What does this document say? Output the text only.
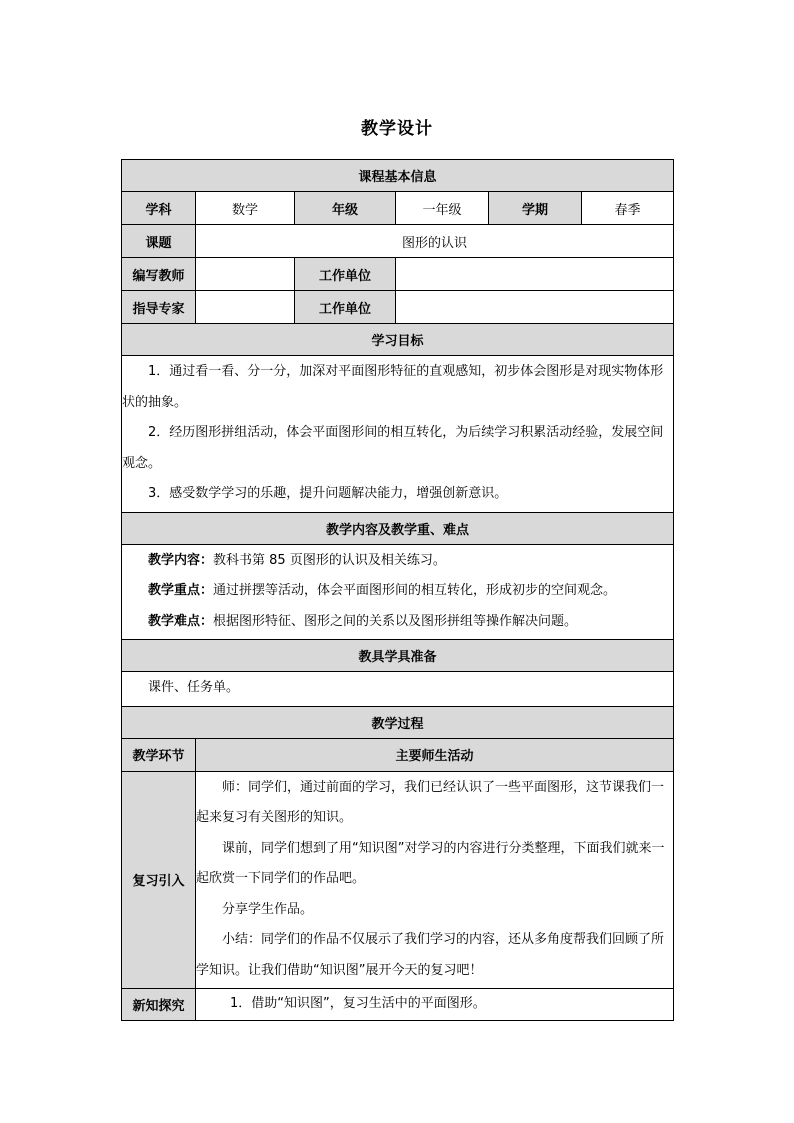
教学设计
课程基本信息					
学科	数学	年级	一年级	学期	春季
课题	图形的认识				
编写教师		工作单位			
指导专家		工作单位			
学习目标					

1．通过看一看、分一分，加深对平面图形特征的直观感知，初步体会图形是对现实物体形状的抽象。

2．经历图形拼组活动，体会平面图形间的相互转化，为后续学习积累活动经验，发展空间观念。

3．感受数学学习的乐趣，提升问题解决能力，增强创新意识。					

教学内容及教学重、难点					

教学内容：教科书第 85 页图形的认识及相关练习。

教学重点：通过拼摆等活动，体会平面图形间的相互转化，形成初步的空间观念。

教学难点：根据图形特征、图形之间的关系以及图形拼组等操作解决问题。					

教具学具准备					

课件、任务单。					

教学过程					
教学环节	主要师生活动				
复习引入	师：同学们，通过前面的学习，我们已经认识了一些平面图形，这节课我们一起来复习有关图形的知识。

课前，同学们想到了用“知识图”对学习的内容进行分类整理，下面我们就来一起欣赏一下同学们的作品吧。

分享学生作品。

小结：同学们的作品不仅展示了我们学习的内容，还从多角度帮我们回顾了所学知识。让我们借助“知识图”展开今天的复习吧！				

新知探究	1．借助“知识图”，复习生活中的平面图形。				
